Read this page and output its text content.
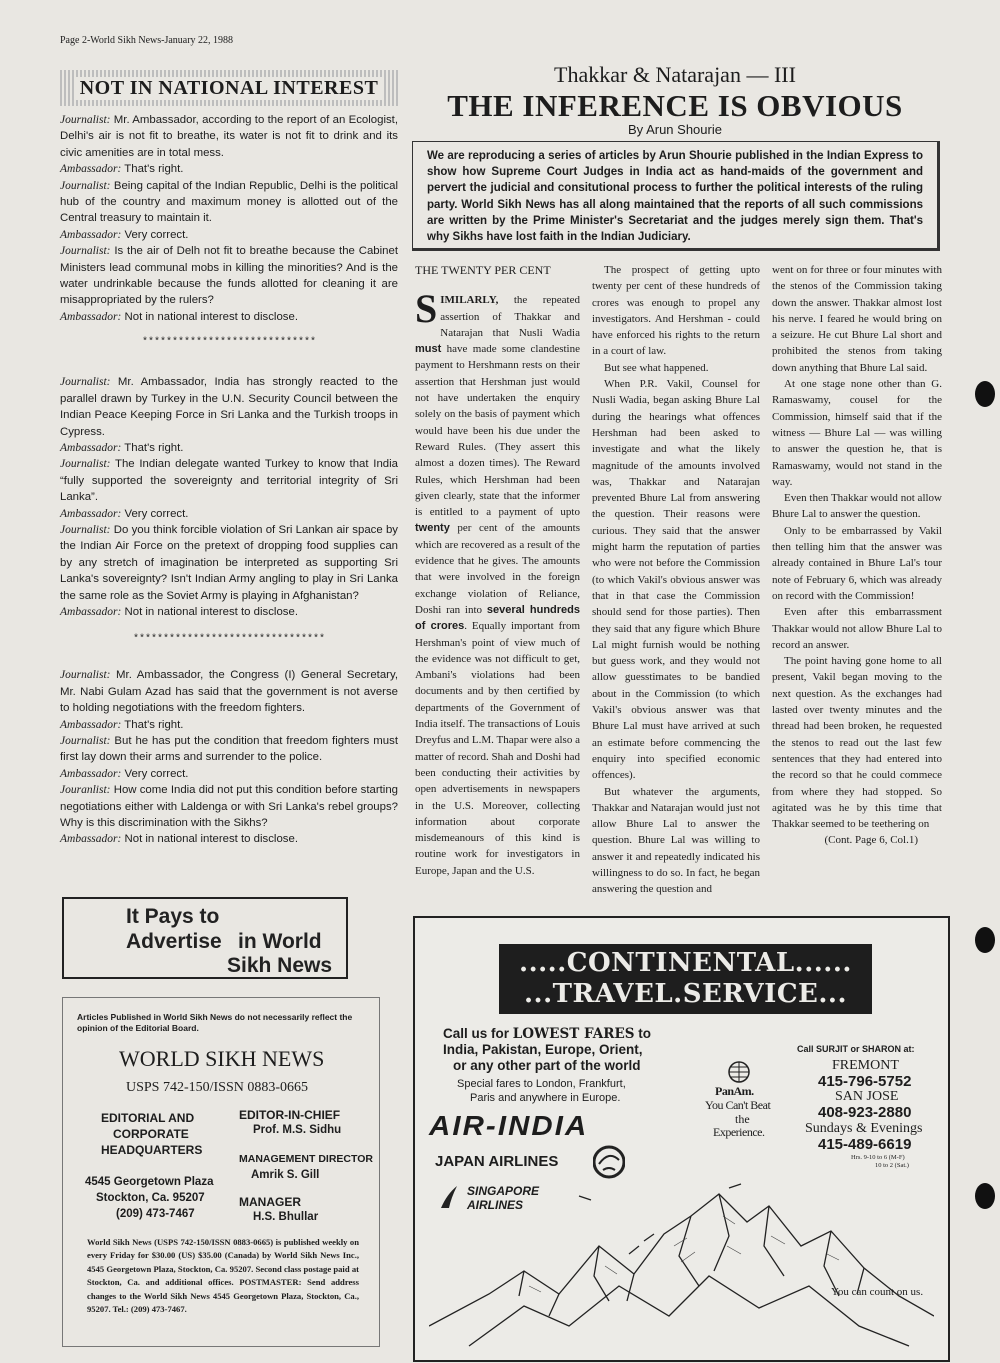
Page 2-World Sikh News-January 22, 1988
NOT IN NATIONAL INTEREST

Journalist: Mr. Ambassador, according to the report of an Ecologist, Delhi's air is not fit to breathe, its water is not fit to drink and its civic amenities are in total mess.

Ambassador: That's right.

Journalist: Being capital of the Indian Republic, Delhi is the political hub of the country and maximum money is allotted out of the Central treasury to maintain it.

Ambassador: Very correct.

Journalist: Is the air of Delh not fit to breathe because the Cabinet Ministers lead communal mobs in killing the minorities? And is the water undrinkable because the funds allotted for cleaning it are misappropriated by the rulers?

Ambassador: Not in national interest to disclose.

*****************************

Journalist: Mr. Ambassador, India has strongly reacted to the parallel drawn by Turkey in the U.N. Security Council between the Indian Peace Keeping Force in Sri Lanka and the Turkish troops in Cypress.

Ambassador: That's right.

Journalist: The Indian delegate wanted Turkey to know that India “fully supported the sovereignty and territorial integrity of Sri Lanka”.

Ambassador: Very correct.

Journalist: Do you think forcible violation of Sri Lankan air space by the Indian Air Force on the pretext of dropping food supplies can by any stretch of imagination be interpreted as supporting Sri Lanka's sovereignty? Isn't Indian Army angling to play in Sri Lanka the same role as the Soviet Army is playing in Afghanistan?

Ambassador: Not in national interest to disclose.

********************************

Journalist: Mr. Ambassador, the Congress (I) General Secretary, Mr. Nabi Gulam Azad has said that the government is not averse to holding negotiations with the freedom fighters.

Ambassador: That's right.

Journalist: But he has put the condition that freedom fighters must first lay down their arms and surrender to the police.

Ambassador: Very correct.

Jouranlist: How come India did not put this condition before starting negotiations either with Laldenga or with Sri Lanka's rebel groups? Why is this discrimination with the Sikhs?

Ambassador: Not in national interest to disclose.

It Pays to
Advertise in World
Sikh News
Articles Published in World Sikh News do not necessarily reflect the opinion of the Editorial Board.
WORLD SIKH NEWS
USPS 742-150/ISSN 0883-0665
EDITORIAL AND
CORPORATE
HEADQUARTERS
4545 Georgetown Plaza
Stockton, Ca. 95207
(209) 473-7467
EDITOR-IN-CHIEF
Prof. M.S. Sidhu
MANAGEMENT DIRECTOR
Amrik S. Gill
MANAGER
H.S. Bhullar
World Sikh News (USPS 742-150/ISSN 0883-0665) is published weekly on every Friday for $30.00 (US) $35.00 (Canada) by World Sikh News Inc., 4545 Georgetown Plaza, Stockton, Ca. 95207. Second class postage paid at Stockton, Ca. and additional offices. POSTMASTER: Send address changes to the World Sikh News 4545 Georgetown Plaza, Stockton, Ca., 95207. Tel.: (209) 473-7467.
Thakkar & Natarajan — III
THE INFERENCE IS OBVIOUS
By Arun Shourie
We are reproducing a series of articles by Arun Shourie published in the Indian Express to show how Supreme Court Judges in India act as hand-maids of the government and pervert the judicial and consitutional process to further the political interests of the ruling party. World Sikh News has all along maintained that the reports of all such commissions are written by the Prime Minister's Secretariat and the judges merely sign them. That's why Sikhs have lost faith in the Indian Judiciary.
THE TWENTY PER CENT

SIMILARLY, the repeated assertion of Thakkar and Natarajan that Nusli Wadia must have made some clandestine payment to Hershmann rests on their assertion that Hershman just would not have undertaken the enquiry solely on the basis of payment which would have been his due under the Reward Rules. (They assert this almost a dozen times). The Reward Rules, which Hershman had been given clearly, state that the informer is entitled to a payment of upto twenty per cent of the amounts which are recovered as a result of the evidence that he gives. The amounts that were involved in the foreign exchange violation of Reliance, Doshi ran into several hundreds of crores. Equally important from Hershman's point of view much of the evidence was not difficult to get, Ambani's violations had been documents and by then certified by departments of the Government of India itself. The transactions of Louis Dreyfus and L.M. Thapar were also a matter of record. Shah and Doshi had been conducting their activities by open advertisements in newspapers in the U.S. Moreover, collecting information about corporate misdemeanours of this kind is routine work for investigators in Europe, Japan and the U.S.

The prospect of getting upto twenty per cent of these hundreds of crores was enough to propel any investigators. And Hershman - could have enforced his rights to the return in a court of law.

But see what happened.

When P.R. Vakil, Counsel for Nusli Wadia, began asking Bhure Lal during the hearings what offences Hershman had been asked to investigate and what the likely magnitude of the amounts involved was, Thakkar and Natarajan prevented Bhure Lal from answering the question. Their reasons were curious. They said that the answer might harm the reputation of parties who were not before the Commission (to which Vakil's obvious answer was that in that case the Commission should send for those parties). Then they said that any figure which Bhure Lal might furnish would be nothing but guess work, and they would not allow guesstimates to be bandied about in the Commission (to which Vakil's obvious answer was that Bhure Lal must have arrived at such an estimate before commencing the enquiry into specified economic offences).

But whatever the arguments, Thakkar and Natarajan would just not allow Bhure Lal to answer the question. Bhure Lal was willing to answer it and repeatedly indicated his willingness to do so. In fact, he began answering the question and

went on for three or four minutes with the stenos of the Commission taking down the answer. Thakkar almost lost his nerve. I feared he would bring on a seizure. He cut Bhure Lal short and prohibited the stenos from taking down anything that Bhure Lal said.

At one stage none other than G. Ramaswamy, cousel for the Commission, himself said that if the witness — Bhure Lal — was willing to answer the question he, that is Ramaswamy, would not stand in the way.

Even then Thakkar would not allow Bhure Lal to answer the question.

Only to be embarrassed by Vakil then telling him that the answer was already contained in Bhure Lal's tour note of February 6, which was already on record with the Commission!

Even after this embarrassment Thakkar would not allow Bhure Lal to record an answer.

The point having gone home to all present, Vakil began moving to the next question. As the exchanges had lasted over twenty minutes and the thread had been broken, he requested the stenos to read out the last few sentences that they had entered into the record so that he could commece from where they had stopped. So agitated was he by this time that Thakkar seemed to be teethering on

(Cont. Page 6, Col.1)

.....CONTINENTAL......
...TRAVEL.SERVICE...
Call us for LOWEST FARES to
India, Pakistan, Europe, Orient,
or any other part of the world
Special fares to London, Frankfurt,
Paris and anywhere in Europe.
AIR-INDIA
JAPAN AIRLINES
SINGAPORE
AIRLINES
PanAm.
You Can't Beat
the
Experience.
Call SURJIT or SHARON at:
FREMONT
415-796-5752
SAN JOSE
408-923-2880
Sundays & Evenings
415-489-6619
Hrs. 9-10 to 6 (M-F)
10 to 2 (Sat.)
You can count on us.
